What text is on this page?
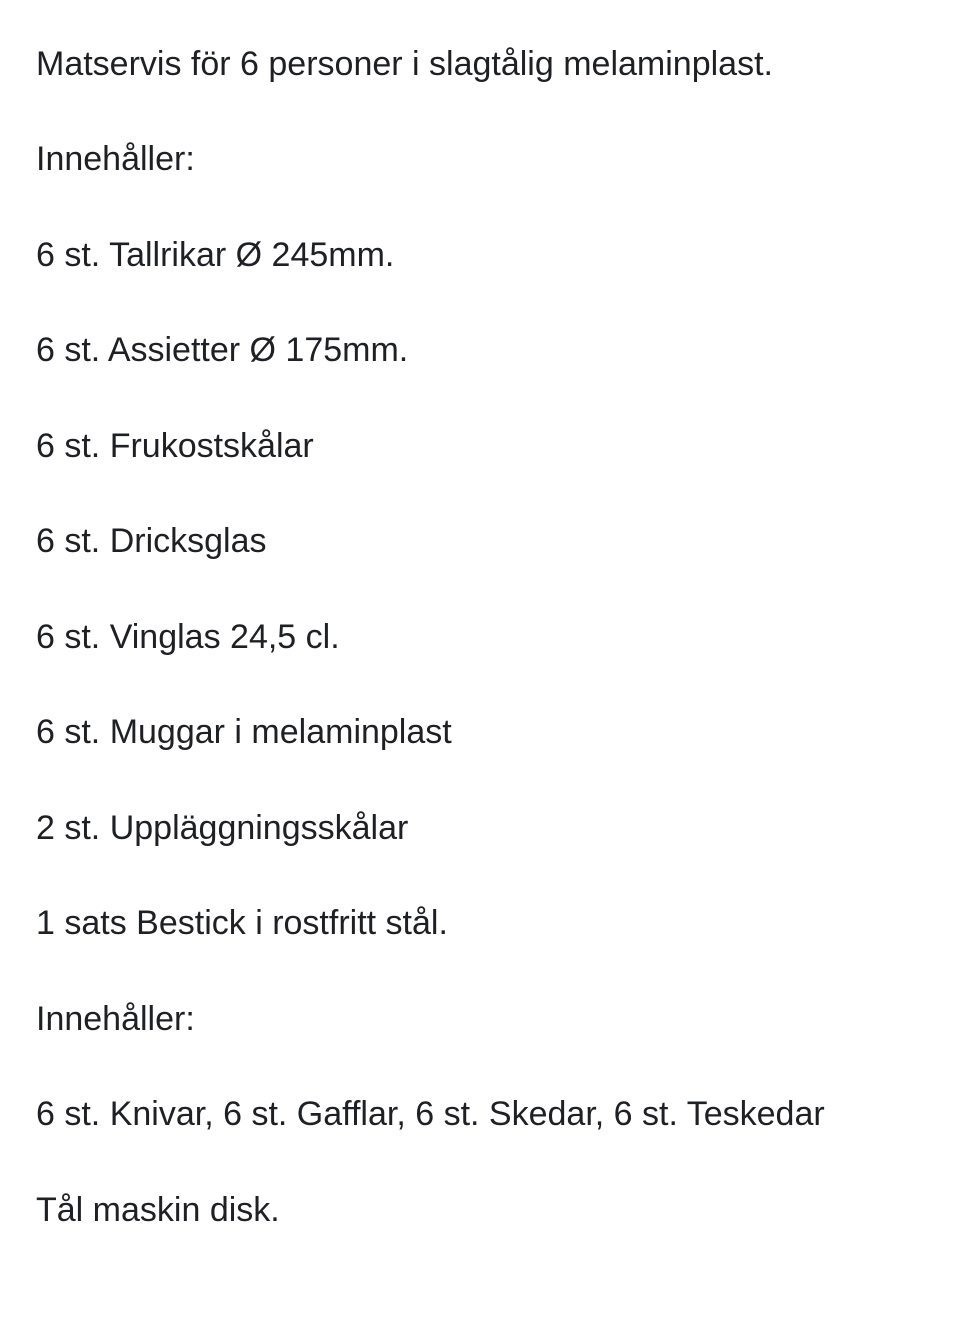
Matservis för 6 personer i slagtålig melaminplast.
Innehåller:
6 st. Tallrikar Ø 245mm.
6 st. Assietter Ø 175mm.
6 st. Frukostskålar
6 st. Dricksglas
6 st. Vinglas 24,5 cl.
6 st. Muggar i melaminplast
2 st. Uppläggningsskålar
1 sats Bestick i rostfritt stål.
Innehåller:
6 st. Knivar, 6 st. Gafflar, 6 st. Skedar, 6 st. Teskedar
Tål maskin disk.
